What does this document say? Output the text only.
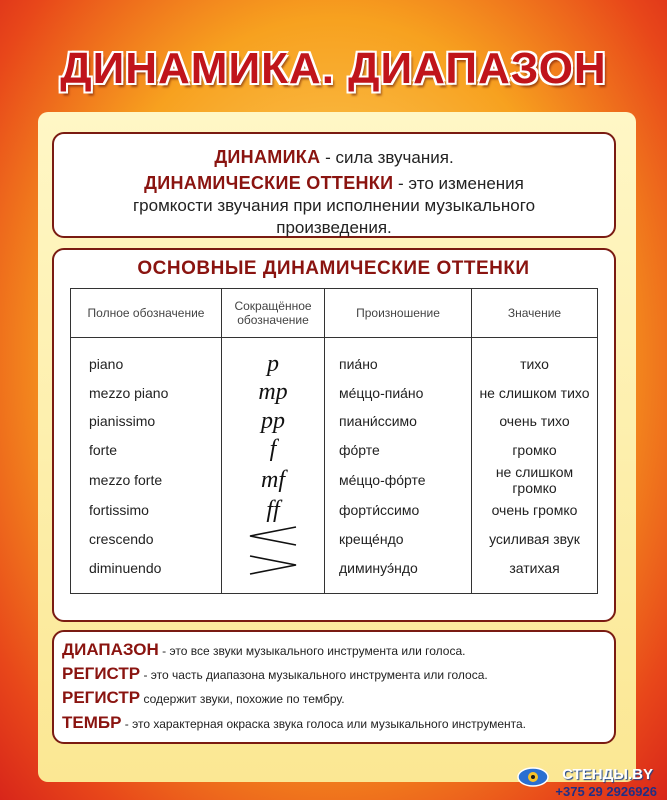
ДИНАМИКА. ДИАПАЗОН
ДИНАМИКА - сила звучания.
ДИНАМИЧЕСКИЕ ОТТЕНКИ - это изменения
громкости звучания при исполнении музыкального
произведения.
ОСНОВНЫЕ ДИНАМИЧЕСКИЕ ОТТЕНКИ
Полное обозначение	Сокращённое обозначение	Произношение	Значение
piano	p	пиа́но	тихо
mezzo piano	mp	ме́ццо-пиа́но	не слишком тихо
pianissimo	pp	пиани́ссимо	очень тихо
forte	f	фо́рте	громко
mezzo forte	mf	ме́ццо-фо́рте	не слишком громко
fortissimo	ff	форти́ссимо	очень громко
crescendo		креще́ндо	усиливая звук
diminuendo		диминуэ́ндо	затихая
ДИАПАЗОН - это все звуки музыкального инструмента или голоса.
РЕГИСТР - это часть диапазона музыкального инструмента или голоса.
РЕГИСТР содержит звуки, похожие по тембру.
ТЕМБР - это характерная окраска звука голоса или музыкального инструмента.
СТЕНДЫ.BY
+375 29 2926926
